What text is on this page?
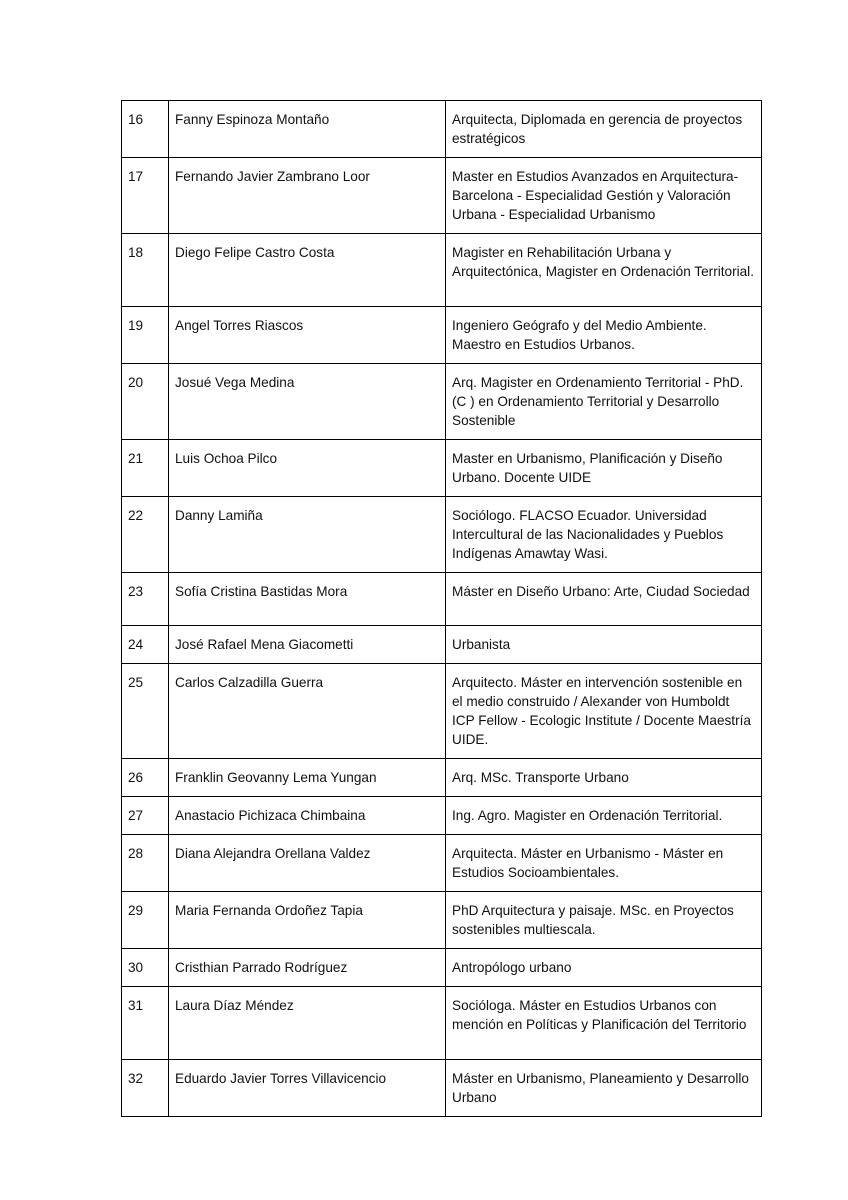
16	Fanny Espinoza Montaño	Arquitecta, Diplomada en gerencia de proyectos estratégicos
17	Fernando Javier Zambrano Loor	Master en Estudios Avanzados en Arquitectura-Barcelona - Especialidad Gestión y Valoración Urbana - Especialidad Urbanismo
18	Diego Felipe Castro Costa	Magister en Rehabilitación Urbana y Arquitectónica, Magister en Ordenación Territorial.
19	Angel Torres Riascos	Ingeniero Geógrafo y del Medio Ambiente. Maestro en Estudios Urbanos.
20	Josué Vega Medina	Arq. Magister en Ordenamiento Territorial - PhD. (C ) en Ordenamiento Territorial y Desarrollo Sostenible
21	Luis Ochoa Pilco	Master en Urbanismo, Planificación y Diseño Urbano. Docente UIDE
22	Danny Lamiña	Sociólogo. FLACSO Ecuador. Universidad Intercultural de las Nacionalidades y Pueblos Indígenas Amawtay Wasi.
23	Sofía Cristina Bastidas Mora	Máster en Diseño Urbano: Arte, Ciudad Sociedad
24	José Rafael Mena Giacometti	Urbanista
25	Carlos Calzadilla Guerra	Arquitecto. Máster en intervención sostenible en el medio construido / Alexander von Humboldt ICP Fellow - Ecologic Institute / Docente Maestría UIDE.
26	Franklin Geovanny Lema Yungan	Arq. MSc. Transporte Urbano
27	Anastacio Pichizaca Chimbaina	Ing. Agro. Magister en Ordenación Territorial.
28	Diana Alejandra Orellana Valdez	Arquitecta. Máster en Urbanismo - Máster en Estudios Socioambientales.
29	Maria Fernanda Ordoñez Tapia	PhD Arquitectura y paisaje. MSc. en Proyectos sostenibles multiescala.
30	Cristhian Parrado Rodríguez	Antropólogo urbano
31	Laura Díaz Méndez	Socióloga. Máster en Estudios Urbanos con mención en Políticas y Planificación del Territorio
32	Eduardo Javier Torres Villavicencio	Máster en Urbanismo, Planeamiento y Desarrollo Urbano
